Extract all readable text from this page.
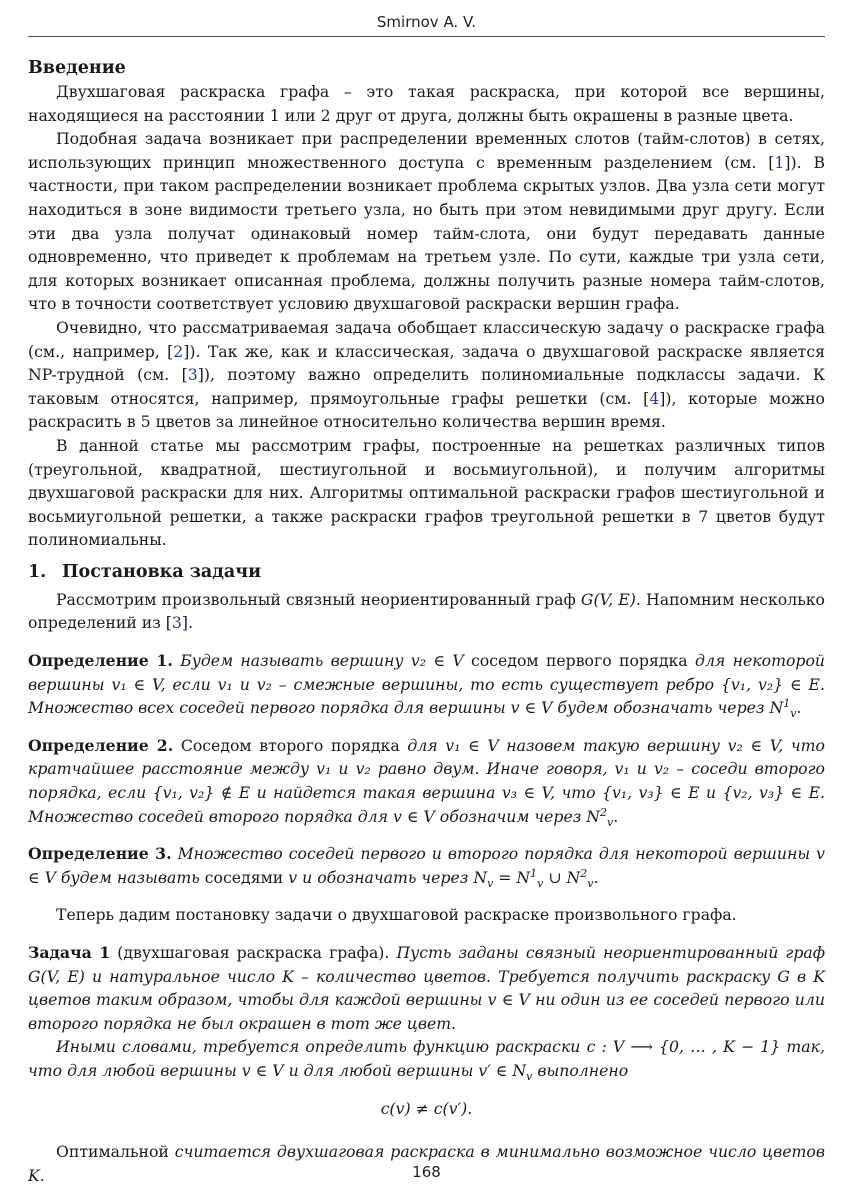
Smirnov A. V.
Введение

Двухшаговая раскраска графа – это такая раскраска, при которой все вершины, находящиеся на расстоянии 1 или 2 друг от друга, должны быть окрашены в разные цвета.

Подобная задача возникает при распределении временных слотов (тайм-слотов) в сетях, использующих принцип множественного доступа с временным разделением (см. [1]). В частности, при таком распределении возникает проблема скрытых узлов. Два узла сети могут находиться в зоне видимости третьего узла, но быть при этом невидимыми друг другу. Если эти два узла получат одинаковый номер тайм-слота, они будут передавать данные одновременно, что приведет к проблемам на третьем узле. По сути, каждые три узла сети, для которых возникает описанная проблема, должны получить разные номера тайм-слотов, что в точности соответствует условию двухшаговой раскраски вершин графа.

Очевидно, что рассматриваемая задача обобщает классическую задачу о раскраске графа (см., например, [2]). Так же, как и классическая, задача о двухшаговой раскраске является NP-трудной (см. [3]), поэтому важно определить полиномиальные подклассы задачи. К таковым относятся, например, прямоугольные графы решетки (см. [4]), которые можно раскрасить в 5 цветов за линейное относительно количества вершин время.

В данной статье мы рассмотрим графы, построенные на решетках различных типов (треугольной, квадратной, шестиугольной и восьмиугольной), и получим алгоритмы двухшаговой раскраски для них. Алгоритмы оптимальной раскраски графов шестиугольной и восьмиугольной решетки, а также раскраски графов треугольной решетки в 7 цветов будут полиномиальны.

1. Постановка задачи

Рассмотрим произвольный связный неориентированный граф G(V, E). Напомним несколько определений из [3].

Определение 1. Будем называть вершину v₂ ∈ V соседом первого порядка для некоторой вершины v₁ ∈ V, если v₁ и v₂ – смежные вершины, то есть существует ребро {v₁, v₂} ∈ E. Множество всех соседей первого порядка для вершины v ∈ V будем обозначать через $N^1_v$.

Определение 2. Соседом второго порядка для v₁ ∈ V назовем такую вершину v₂ ∈ V, что кратчайшее расстояние между v₁ и v₂ равно двум. Иначе говоря, v₁ и v₂ – соседи второго порядка, если {v₁, v₂} ∉ E и найдется такая вершина v₃ ∈ V, что {v₁, v₃} ∈ E и {v₂, v₃} ∈ E. Множество соседей второго порядка для v ∈ V обозначим через $N^2_v$.

Определение 3. Множество соседей первого и второго порядка для некоторой вершины v ∈ V будем называть соседями v и обозначать через $N_v = N^1_v$ ∪ $N^2_v$.

Теперь дадим постановку задачи о двухшаговой раскраске произвольного графа.

Задача 1 (двухшаговая раскраска графа). Пусть заданы связный неориентированный граф G(V, E) и натуральное число K – количество цветов. Требуется получить раскраску G в K цветов таким образом, чтобы для каждой вершины v ∈ V ни один из ее соседей первого или второго порядка не был окрашен в тот же цвет.

Иными словами, требуется определить функцию раскраски c : V ⟶ {0, … , K − 1} так, что для любой вершины v ∈ V и для любой вершины v′ ∈ $N_v$ выполнено

c(v) ≠ c(v′).

Оптимальной считается двухшаговая раскраска в минимально возможное число цветов K.	168
